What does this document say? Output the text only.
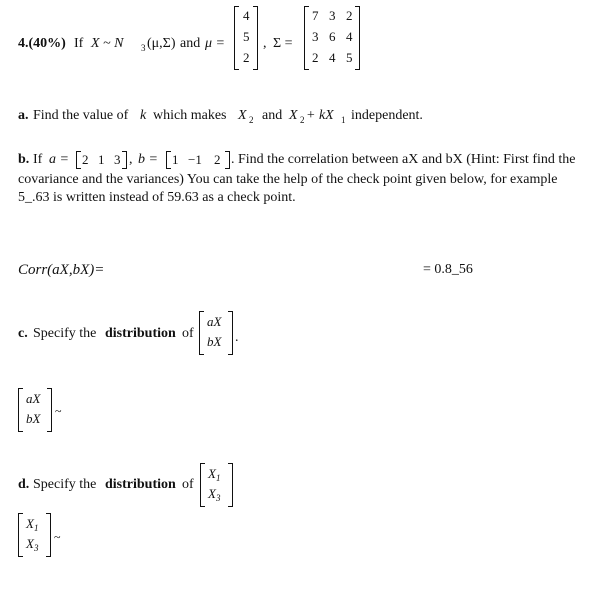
4.(40%) If X ~ N 3 (μ,Σ) and μ =
4
5
2
, Σ =
7 3 2
3 6 4
2 4 5
a. Find the value of k which makes X 2 and X 2 + kX 1 independent.
b. If a = 2 1 3 , b = 1 −1 2 . Find the correlation between aX and bX (Hint: First find the
covariance and the variances) You can take the help of the check point given below, for example
5_.63 is written instead of 59.63 as a check point.
Corr(aX,bX)=	= 0.8_56
c. Specify the distribution of
aX
bX .
aX
bX ~
d. Specify the distribution of
$X_1$
$X_3$
$X_1$
$X_3$
~
